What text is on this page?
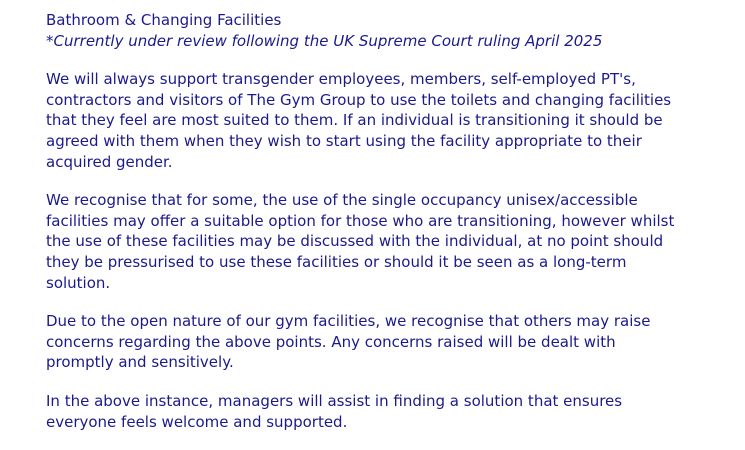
Bathroom & Changing Facilities

*Currently under review following the UK Supreme Court ruling April 2025

We will always support transgender employees, members, self-employed PT's, contractors and visitors of The Gym Group to use the toilets and changing facilities that they feel are most suited to them. If an individual is transitioning it should be agreed with them when they wish to start using the facility appropriate to their acquired gender.

We recognise that for some, the use of the single occupancy unisex/accessible facilities may offer a suitable option for those who are transitioning, however whilst the use of these facilities may be discussed with the individual, at no point should they be pressurised to use these facilities or should it be seen as a long-term solution.

Due to the open nature of our gym facilities, we recognise that others may raise concerns regarding the above points. Any concerns raised will be dealt with promptly and sensitively.

In the above instance, managers will assist in finding a solution that ensures everyone feels welcome and supported.
